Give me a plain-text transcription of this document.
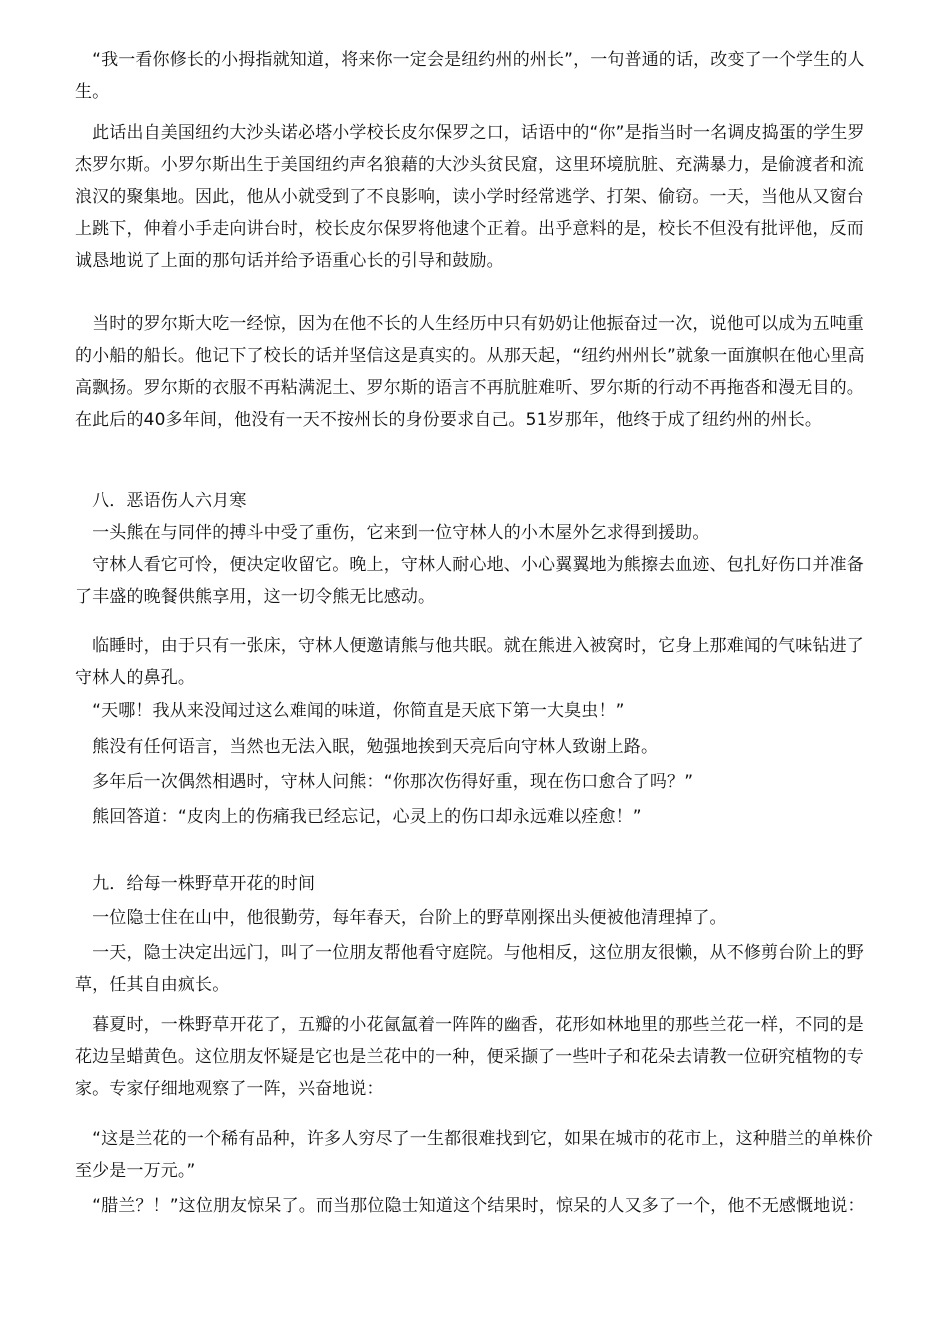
　“我一看你修长的小拇指就知道，将来你一定会是纽约州的州长”，一句普通的话，改变了一个学生的人生。

　此话出自美国纽约大沙头诺必塔小学校长皮尔保罗之口，话语中的“你”是指当时一名调皮捣蛋的学生罗杰罗尔斯。小罗尔斯出生于美国纽约声名狼藉的大沙头贫民窟，这里环境肮脏、充满暴力，是偷渡者和流浪汉的聚集地。因此，他从小就受到了不良影响，读小学时经常逃学、打架、偷窃。一天，当他从又窗台上跳下，伸着小手走向讲台时，校长皮尔保罗将他逮个正着。出乎意料的是，校长不但没有批评他，反而诚恳地说了上面的那句话并给予语重心长的引导和鼓励。

　当时的罗尔斯大吃一经惊，因为在他不长的人生经历中只有奶奶让他振奋过一次，说他可以成为五吨重的小船的船长。他记下了校长的话并坚信这是真实的。从那天起，“纽约州州长”就象一面旗帜在他心里高高飘扬。罗尔斯的衣服不再粘满泥土、罗尔斯的语言不再肮脏难听、罗尔斯的行动不再拖沓和漫无目的。在此后的40多年间，他没有一天不按州长的身份要求自己。51岁那年，他终于成了纽约州的州长。

　八．恶语伤人六月寒

　一头熊在与同伴的搏斗中受了重伤，它来到一位守林人的小木屋外乞求得到援助。

　守林人看它可怜，便决定收留它。晚上，守林人耐心地、小心翼翼地为熊擦去血迹、包扎好伤口并准备了丰盛的晚餐供熊享用，这一切令熊无比感动。

　临睡时，由于只有一张床，守林人便邀请熊与他共眠。就在熊进入被窝时，它身上那难闻的气味钻进了守林人的鼻孔。

　“天哪！我从来没闻过这么难闻的味道，你简直是天底下第一大臭虫！”

　熊没有任何语言，当然也无法入眠，勉强地挨到天亮后向守林人致谢上路。

　多年后一次偶然相遇时，守林人问熊：“你那次伤得好重，现在伤口愈合了吗？”

　熊回答道：“皮肉上的伤痛我已经忘记，心灵上的伤口却永远难以痊愈！”

　九．给每一株野草开花的时间

　一位隐士住在山中，他很勤劳，每年春天，台阶上的野草刚探出头便被他清理掉了。

　一天，隐士决定出远门，叫了一位朋友帮他看守庭院。与他相反，这位朋友很懒，从不修剪台阶上的野草，任其自由疯长。

　暮夏时，一株野草开花了，五瓣的小花氤氲着一阵阵的幽香，花形如林地里的那些兰花一样，不同的是花边呈蜡黄色。这位朋友怀疑是它也是兰花中的一种，便采撷了一些叶子和花朵去请教一位研究植物的专家。专家仔细地观察了一阵，兴奋地说：

　“这是兰花的一个稀有品种，许多人穷尽了一生都很难找到它，如果在城市的花市上，这种腊兰的单株价至少是一万元。”

　“腊兰？！”这位朋友惊呆了。而当那位隐士知道这个结果时，惊呆的人又多了一个，他不无感慨地说：
